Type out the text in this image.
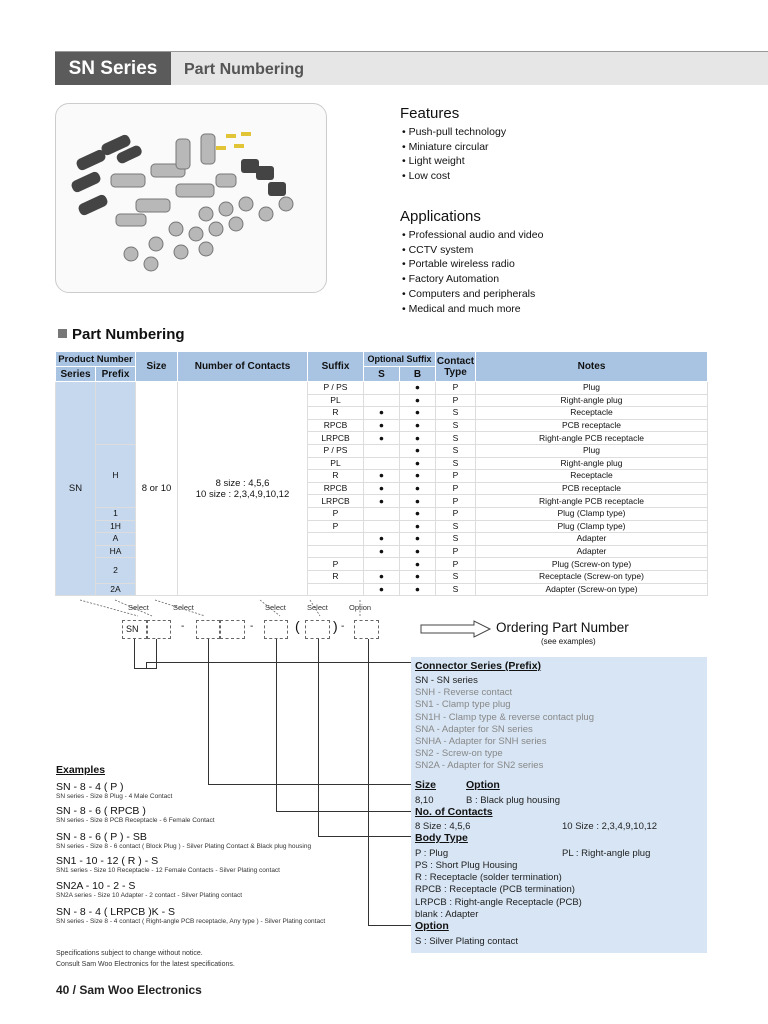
SN Series	Part Numbering
Features
• Push-pull technology
• Miniature circular
• Light weight
• Low cost
Applications
• Professional audio and video
• CCTV system
• Portable wireless radio
• Factory Automation
• Computers and peripherals
• Medical and much more
Part Numbering
Product Number		Size	Number of Contacts	Suffix	Optional Suffix		Contact Type	Notes
Series	Prefix				S	B		
SN		8 or 10	8 size : 4,5,6
10 size : 2,3,4,9,10,12	P / PS		●	P	Plug
				PL		●	P	Right-angle plug
				R	●	●	S	Receptacle
				RPCB	●	●	S	PCB receptacle
				LRPCB	●	●	S	Right-angle PCB receptacle
	H			P / PS		●	S	Plug
				PL		●	S	Right-angle plug
				R	●	●	P	Receptacle
				RPCB	●	●	P	PCB receptacle
				LRPCB	●	●	P	Right-angle PCB receptacle
	1			P		●	P	Plug (Clamp type)
	1H			P		●	S	Plug (Clamp type)
	A				●	●	S	Adapter
	HA				●	●	P	Adapter
	2			P		●	P	Plug (Screw-on type)
				R	●	●	S	Receptacle (Screw-on type)
	2A				●	●	S	Adapter (Screw-on type)
Select	Select	Select	Select	Option
SN	-	-	( ) -	Ordering Part Number
(see examples)
Connector Series (Prefix)
SN - SN series
SNH - Reverse contact
SN1 - Clamp type plug
SN1H - Clamp type & reverse contact plug
SNA - Adapter for SN series
SNHA - Adapter for SNH series
SN2 - Screw-on type
SN2A - Adapter for SN2 series
Size	Option
8,10	B : Black plug housing
No. of Contacts
8 Size : 4,5,6	10 Size : 2,3,4,9,10,12
Body Type
P : Plug	PL : Right-angle plug
PS : Short Plug Housing
R : Receptacle (solder termination)
RPCB : Receptacle (PCB termination)
LRPCB : Right-angle Receptacle (PCB)
blank : Adapter
Option
S : Silver Plating contact
Examples
SN - 8 - 4 ( P )
SN series - Size 8 Plug - 4 Male Contact
SN - 8 - 6 ( RPCB )
SN series - Size 8 PCB Receptacle - 6 Female Contact
SN - 8 - 6 ( P ) - SB
SN series - Size 8 - 6 contact ( Block Plug ) - Silver Plating Contact & Black plug housing
SN1 - 10 - 12 ( R ) - S
SN1 series - Size 10 Receptacle - 12 Female Contacts - Silver Plating contact
SN2A - 10 - 2 - S
SN2A series - Size 10 Adapter - 2 contact - Silver Plating contact
SN - 8 - 4 ( LRPCB )K - S
SN series - Size 8 - 4 contact ( Right-angle PCB receptacle, Any type ) - Silver Plating contact
Specifications subject to change without notice.
Consult Sam Woo Electronics for the latest specifications.
40 / Sam Woo Electronics
